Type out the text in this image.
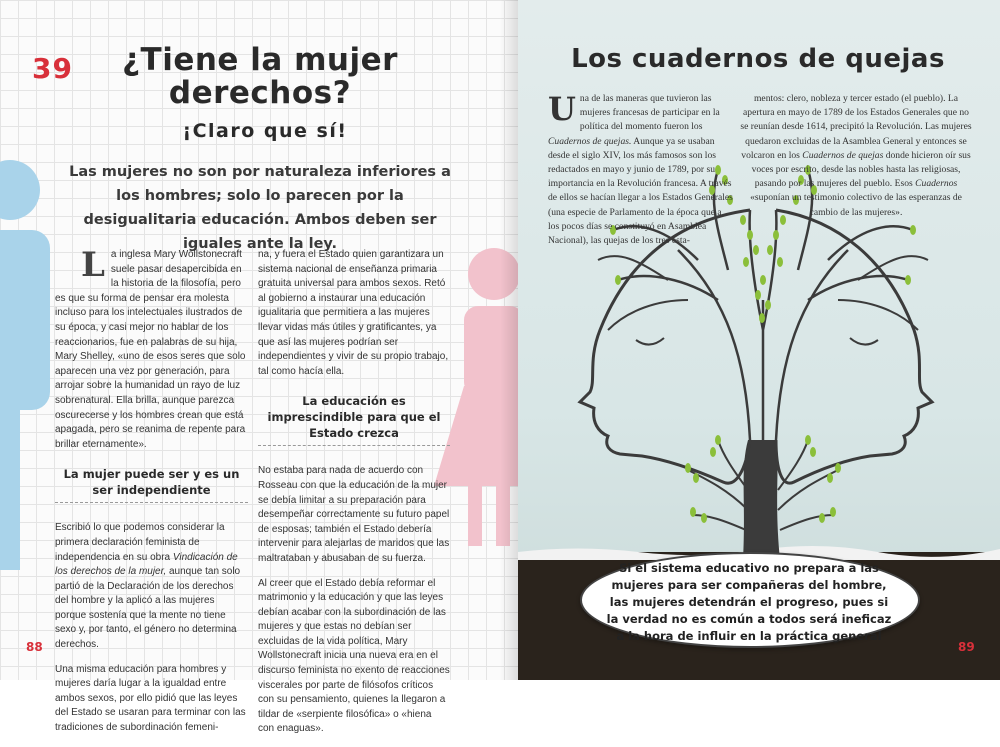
39 ¿Tiene la mujer derechos?
¡Claro que sí!
Las mujeres no son por naturaleza inferiores a los hombres; solo lo parecen por la desigualitaria educación. Ambos deben ser iguales ante la ley.

La inglesa Mary Wollstonecraft suele pasar desapercibida en la historia de la filosofía, pero es que su forma de pensar era molesta incluso para los intelectuales ilustrados de su época, y casi mejor no hablar de los reaccionarios, fue en palabras de su hija, Mary Shelley, «uno de esos seres que solo aparecen una vez por generación, para arrojar sobre la humanidad un rayo de luz sobrenatural. Ella brilla, aunque parezca oscurecerse y los hombres crean que está apagada, pero se reanima de repente para brillar eternamente».

La mujer puede ser y es un ser independiente

Escribió lo que podemos considerar la primera declaración feminista de independencia en su obra Vindicación de los derechos de la mujer, aunque tan solo partió de la Declaración de los derechos del hombre y la aplicó a las mujeres porque sostenía que la mente no tiene sexo y, por tanto, el género no determina derechos.

Una misma educación para hombres y mujeres daría lugar a la igualdad entre ambos sexos, por ello pidió que las leyes del Estado se usaran para terminar con las tradiciones de subordinación femeni-

na, y fuera el Estado quien garantizara un sistema nacional de enseñanza primaria gratuita universal para ambos sexos. Retó al gobierno a instaurar una educación igualitaria que permitiera a las mujeres llevar vidas más útiles y gratificantes, ya que así las mujeres podrían ser independientes y vivir de su propio trabajo, tal como hacía ella.

La educación es imprescindible para que el Estado crezca

No estaba para nada de acuerdo con Rosseau con que la educación de la mujer se debía limitar a su preparación para desempeñar correctamente su futuro papel de esposas; también el Estado debería intervenir para alejarlas de maridos que las maltrataban y abusaban de su fuerza.

Al creer que el Estado debía reformar el matrimonio y la educación y que las leyes debían acabar con la subordinación de las mujeres y que estas no debían ser excluidas de la vida política, Mary Wollstonecraft inicia una nueva era en el discurso feminista no exento de reacciones viscerales por parte de filósofos críticos con su pensamiento, quienes la llegaron a tildar de «serpiente filosófica» o «hiena con enaguas».

88
Los cuadernos de quejas
Una de las maneras que tuvieron las mujeres francesas de participar en la política del momento fueron los Cuadernos de quejas. Aunque ya se usaban desde el siglo XIV, los más famosos son los redactados en mayo y junio de 1789, por su importancia en la Revolución francesa. A través de ellos se hacían llegar a los Estados Generales (una especie de Parlamento de la época que a los pocos días se constituyó en Asamblea Nacional), las quejas de los tres esta-
mentos: clero, nobleza y tercer estado (el pueblo). La apertura en mayo de 1789 de los Estados Generales que no se reunían desde 1614, precipitó la Revolución. Las mujeres quedaron excluidas de la Asamblea General y entonces se volcaron en los Cuadernos de quejas donde hicieron oír sus voces por escrito, desde las nobles hasta las religiosas, pasando por las mujeres del pueblo. Esos Cuadernos «suponían un testimonio colectivo de las esperanzas de cambio de las mujeres».
Si el sistema educativo no prepara a las mujeres para ser compañeras del hombre, las mujeres detendrán el progreso, pues si la verdad no es común a todos será ineficaz a la hora de influir en la práctica general
89
